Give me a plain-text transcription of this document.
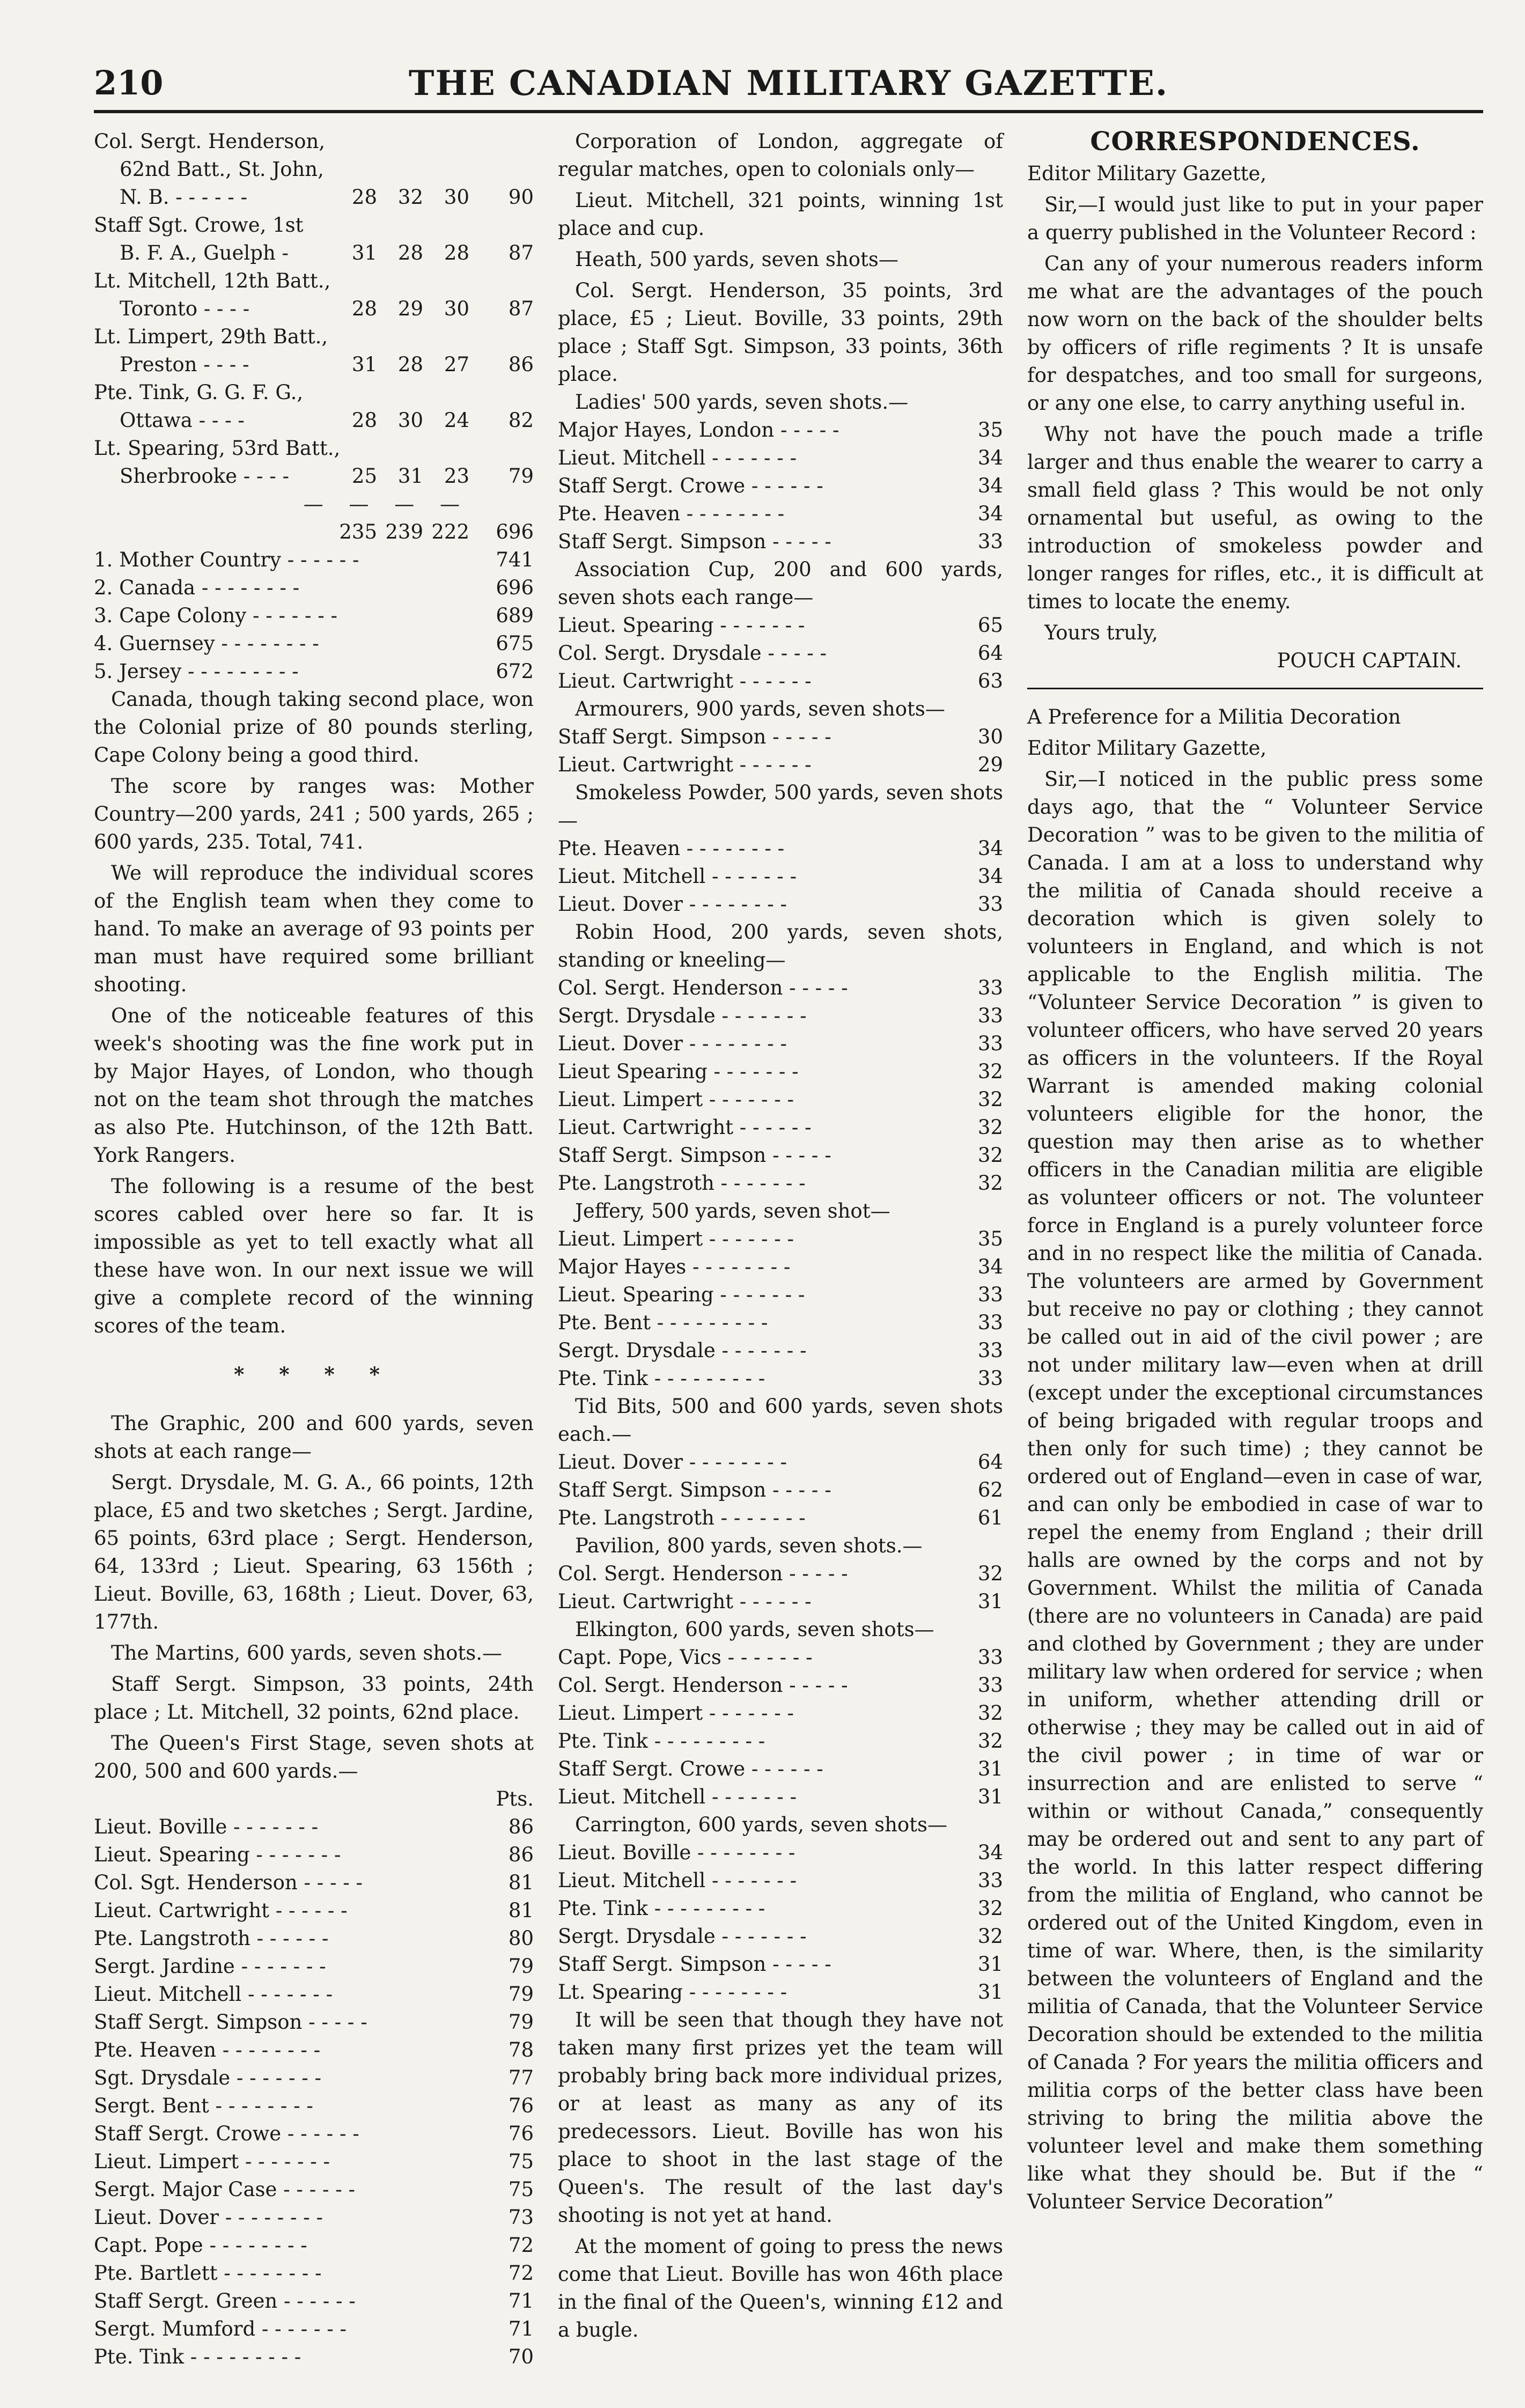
210	THE CANADIAN MILITARY GAZETTE.
Col. Sergt. Henderson,
62nd Batt., St. John,
N. B. - - - - - -	28	32	30	90
Staff Sgt. Crowe, 1st
B. F. A., Guelph -	31	28	28	87
Lt. Mitchell, 12th Batt.,
Toronto - - - -	28	29	30	87
Lt. Limpert, 29th Batt.,
Preston - - - -	31	28	27	86
Pte. Tink, G. G. F. G.,
Ottawa - - - -	28	30	24	82
Lt. Spearing, 53rd Batt.,
Sherbrooke - - - -	25	31	23	79
— — — —
235 239 222	696
1. Mother Country - - - - - -	741
2. Canada - - - - - - - -	696
3. Cape Colony - - - - - - -	689
4. Guernsey - - - - - - - -	675
5. Jersey - - - - - - - - -	672
Canada, though taking second place, won the Colonial prize of 80 pounds sterling, Cape Colony being a good third.
The score by ranges was: Mother Country—200 yards, 241 ; 500 yards, 265 ; 600 yards, 235. Total, 741.
We will reproduce the individual scores of the English team when they come to hand. To make an average of 93 points per man must have required some brilliant shooting.
One of the noticeable features of this week's shooting was the fine work put in by Major Hayes, of London, who though not on the team shot through the matches as also Pte. Hutchinson, of the 12th Batt. York Rangers.
The following is a resume of the best scores cabled over here so far. It is impossible as yet to tell exactly what all these have won. In our next issue we will give a complete record of the winning scores of the team.
* * * *
The Graphic, 200 and 600 yards, seven shots at each range—
Sergt. Drysdale, M. G. A., 66 points, 12th place, £5 and two sketches ; Sergt. Jardine, 65 points, 63rd place ; Sergt. Henderson, 64, 133rd ; Lieut. Spearing, 63 156th ; Lieut. Boville, 63, 168th ; Lieut. Dover, 63, 177th.
The Martins, 600 yards, seven shots.—
Staff Sergt. Simpson, 33 points, 24th place ; Lt. Mitchell, 32 points, 62nd place.
The Queen's First Stage, seven shots at 200, 500 and 600 yards.—
Pts.
Lieut. Boville - - - - - - -	86
Lieut. Spearing - - - - - - -	86
Col. Sgt. Henderson - - - - -	81
Lieut. Cartwright - - - - - -	81
Pte. Langstroth - - - - - -	80
Sergt. Jardine - - - - - - -	79
Lieut. Mitchell - - - - - - -	79
Staff Sergt. Simpson - - - - -	79
Pte. Heaven - - - - - - - -	78
Sgt. Drysdale - - - - - - -	77
Sergt. Bent - - - - - - - -	76
Staff Sergt. Crowe - - - - - -	76
Lieut. Limpert - - - - - - -	75
Sergt. Major Case - - - - - -	75
Lieut. Dover - - - - - - - -	73
Capt. Pope - - - - - - - -	72
Pte. Bartlett - - - - - - - -	72
Staff Sergt. Green - - - - - -	71
Sergt. Mumford - - - - - - -	71
Pte. Tink - - - - - - - - -	70
Corporation of London, aggregate of regular matches, open to colonials only—
Lieut. Mitchell, 321 points, winning 1st place and cup.
Heath, 500 yards, seven shots—
Col. Sergt. Henderson, 35 points, 3rd place, £5 ; Lieut. Boville, 33 points, 29th place ; Staff Sgt. Simpson, 33 points, 36th place.
Ladies' 500 yards, seven shots.—
Major Hayes, London - - - - -	35
Lieut. Mitchell - - - - - - -	34
Staff Sergt. Crowe - - - - - -	34
Pte. Heaven - - - - - - - -	34
Staff Sergt. Simpson - - - - -	33
Association Cup, 200 and 600 yards, seven shots each range—
Lieut. Spearing - - - - - - -	65
Col. Sergt. Drysdale - - - - -	64
Lieut. Cartwright - - - - - -	63
Armourers, 900 yards, seven shots—
Staff Sergt. Simpson - - - - -	30
Lieut. Cartwright - - - - - -	29
Smokeless Powder, 500 yards, seven shots—
Pte. Heaven - - - - - - - -	34
Lieut. Mitchell - - - - - - -	34
Lieut. Dover - - - - - - - -	33
Robin Hood, 200 yards, seven shots, standing or kneeling—
Col. Sergt. Henderson - - - - -	33
Sergt. Drysdale - - - - - - -	33
Lieut. Dover - - - - - - - -	33
Lieut Spearing - - - - - - -	32
Lieut. Limpert - - - - - - -	32
Lieut. Cartwright - - - - - -	32
Staff Sergt. Simpson - - - - -	32
Pte. Langstroth - - - - - - -	32
Jeffery, 500 yards, seven shot—
Lieut. Limpert - - - - - - -	35
Major Hayes - - - - - - - -	34
Lieut. Spearing - - - - - - -	33
Pte. Bent - - - - - - - - -	33
Sergt. Drysdale - - - - - - -	33
Pte. Tink - - - - - - - - -	33
Tid Bits, 500 and 600 yards, seven shots each.—
Lieut. Dover - - - - - - - -	64
Staff Sergt. Simpson - - - - -	62
Pte. Langstroth - - - - - - -	61
Pavilion, 800 yards, seven shots.—
Col. Sergt. Henderson - - - - -	32
Lieut. Cartwright - - - - - -	31
Elkington, 600 yards, seven shots—
Capt. Pope, Vics - - - - - - -	33
Col. Sergt. Henderson - - - - -	33
Lieut. Limpert - - - - - - -	32
Pte. Tink - - - - - - - - -	32
Staff Sergt. Crowe - - - - - -	31
Lieut. Mitchell - - - - - - -	31
Carrington, 600 yards, seven shots—
Lieut. Boville - - - - - - - -	34
Lieut. Mitchell - - - - - - -	33
Pte. Tink - - - - - - - - -	32
Sergt. Drysdale - - - - - - -	32
Staff Sergt. Simpson - - - - -	31
Lt. Spearing - - - - - - - -	31
It will be seen that though they have not taken many first prizes yet the team will probably bring back more individual prizes, or at least as many as any of its predecessors. Lieut. Boville has won his place to shoot in the last stage of the Queen's. The result of the last day's shooting is not yet at hand.
At the moment of going to press the news come that Lieut. Boville has won 46th place in the final of the Queen's, winning £12 and a bugle.
CORRESPONDENCES.
Editor Military Gazette,
Sir,—I would just like to put in your paper a querry published in the Volunteer Record :
Can any of your numerous readers inform me what are the advantages of the pouch now worn on the back of the shoulder belts by officers of rifle regiments ? It is unsafe for despatches, and too small for surgeons, or any one else, to carry anything useful in.
Why not have the pouch made a trifle larger and thus enable the wearer to carry a small field glass ? This would be not only ornamental but useful, as owing to the introduction of smokeless powder and longer ranges for rifles, etc., it is difficult at times to locate the enemy.
Yours truly,
POUCH CAPTAIN.
A Preference for a Militia Decoration
Editor Military Gazette,
Sir,—I noticed in the public press some days ago, that the “ Volunteer Service Decoration ” was to be given to the militia of Canada. I am at a loss to understand why the militia of Canada should receive a decoration which is given solely to volunteers in England, and which is not applicable to the English militia. The “Volunteer Service Decoration ” is given to volunteer officers, who have served 20 years as officers in the volunteers. If the Royal Warrant is amended making colonial volunteers eligible for the honor, the question may then arise as to whether officers in the Canadian militia are eligible as volunteer officers or not. The volunteer force in England is a purely volunteer force and in no respect like the militia of Canada. The volunteers are armed by Government but receive no pay or clothing ; they cannot be called out in aid of the civil power ; are not under military law—even when at drill (except under the exceptional circumstances of being brigaded with regular troops and then only for such time) ; they cannot be ordered out of England—even in case of war, and can only be embodied in case of war to repel the enemy from England ; their drill halls are owned by the corps and not by Government. Whilst the militia of Canada (there are no volunteers in Canada) are paid and clothed by Government ; they are under military law when ordered for service ; when in uniform, whether attending drill or otherwise ; they may be called out in aid of the civil power ; in time of war or insurrection and are enlisted to serve “ within or without Canada,” consequently may be ordered out and sent to any part of the world. In this latter respect differing from the militia of England, who cannot be ordered out of the United Kingdom, even in time of war. Where, then, is the similarity between the volunteers of England and the militia of Canada, that the Volunteer Service Decoration should be extended to the militia of Canada ? For years the militia officers and militia corps of the better class have been striving to bring the militia above the volunteer level and make them something like what they should be. But if the “ Volunteer Service Decoration”
